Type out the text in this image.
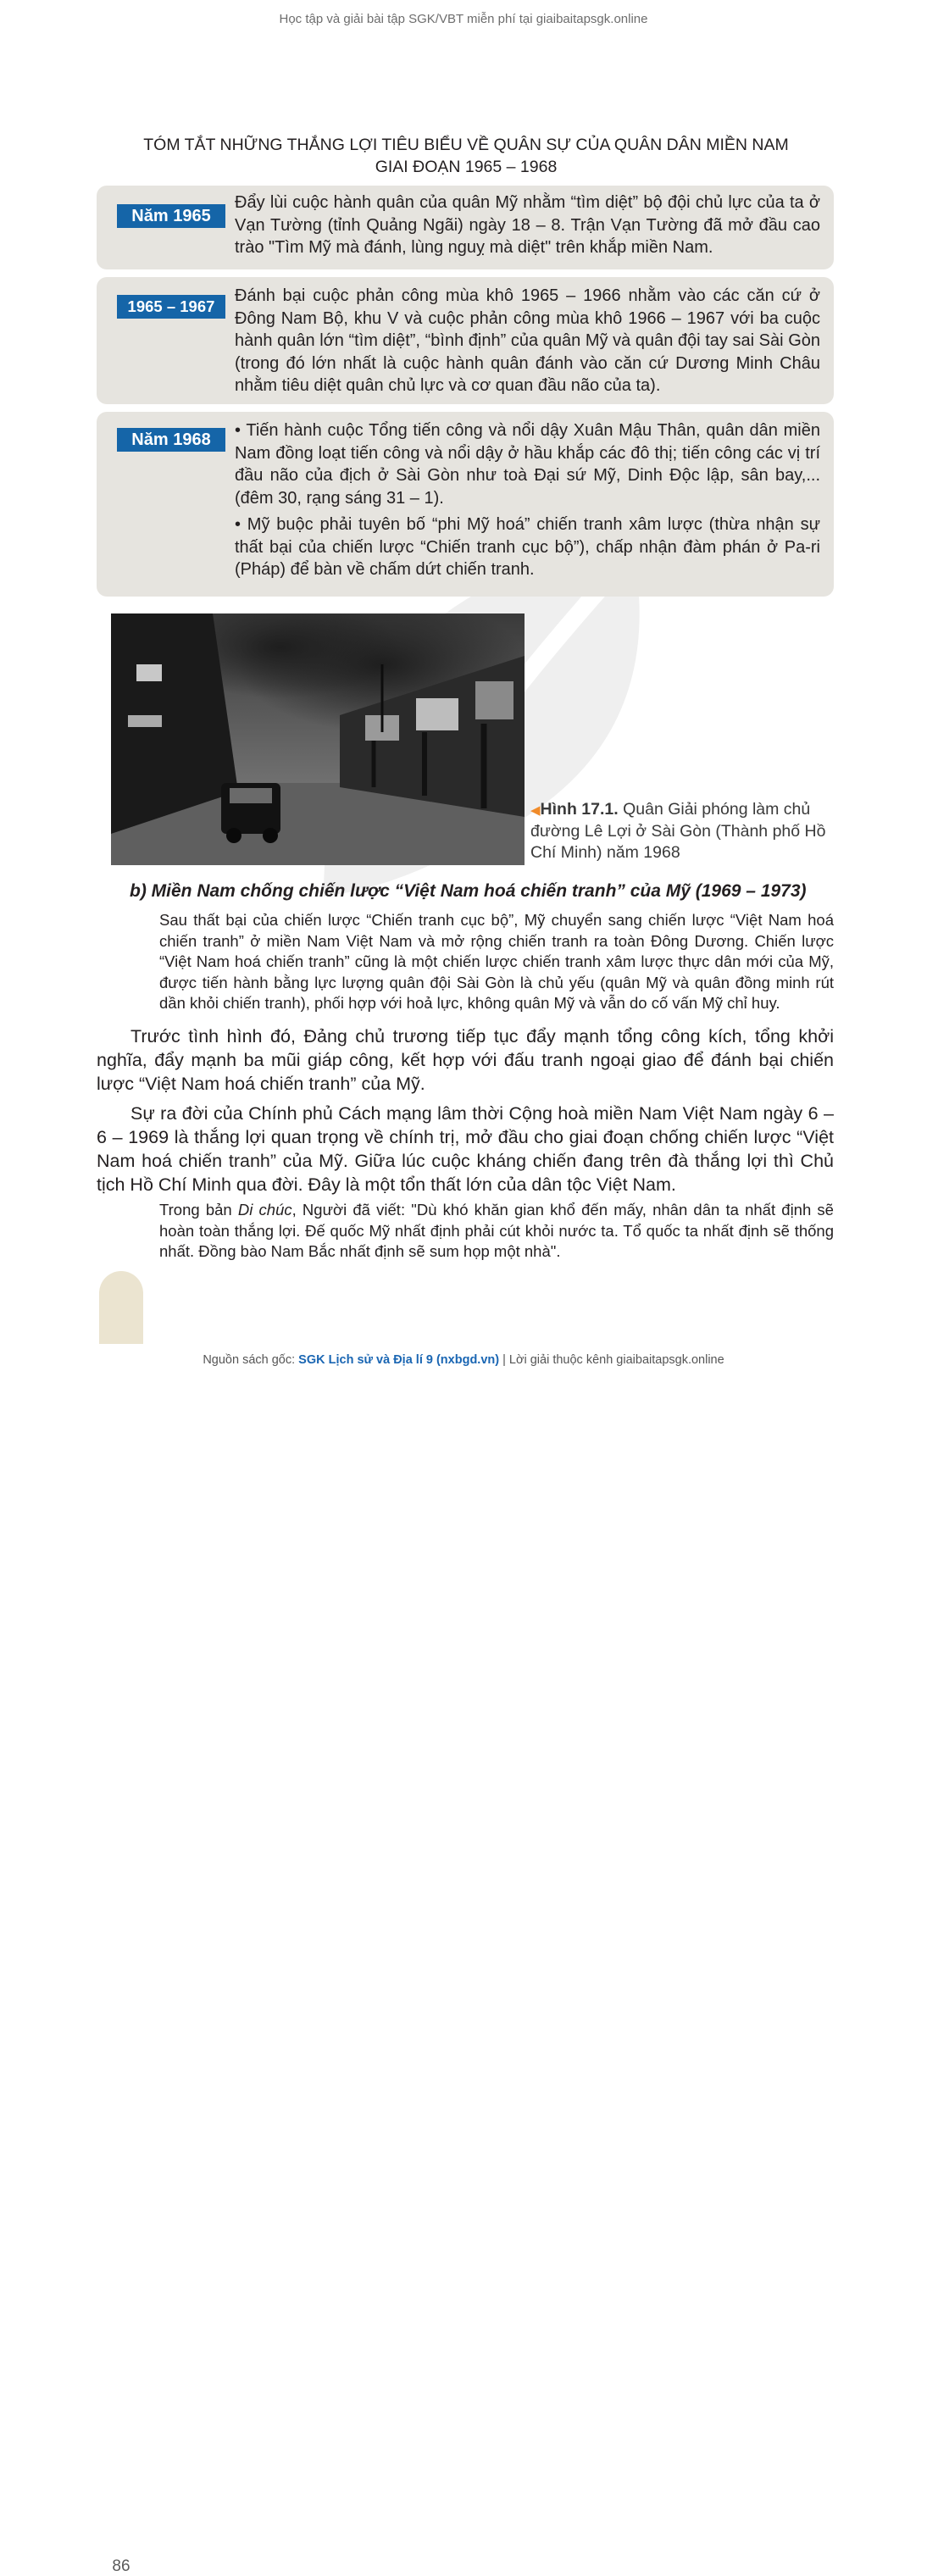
Học tập và giải bài tập SGK/VBT miễn phí tại giaibaitapsgk.online
TÓM TẮT NHỮNG THẮNG LỢI TIÊU BIỂU VỀ QUÂN SỰ CỦA QUÂN DÂN MIỀN NAM
GIAI ĐOẠN 1965 – 1968
Năm 1965

Đẩy lùi cuộc hành quân của quân Mỹ nhằm “tìm diệt” bộ đội chủ lực của ta ở Vạn Tường (tỉnh Quảng Ngãi) ngày 18 – 8. Trận Vạn Tường đã mở đầu cao trào "Tìm Mỹ mà đánh, lùng nguỵ mà diệt" trên khắp miền Nam.

1965 – 1967

Đánh bại cuộc phản công mùa khô 1965 – 1966 nhằm vào các căn cứ ở Đông Nam Bộ, khu V và cuộc phản công mùa khô 1966 – 1967 với ba cuộc hành quân lớn “tìm diệt”, “bình định” của quân Mỹ và quân đội tay sai Sài Gòn (trong đó lớn nhất là cuộc hành quân đánh vào căn cứ Dương Minh Châu nhằm tiêu diệt quân chủ lực và cơ quan đầu não của ta).

Năm 1968	• Tiến hành cuộc Tổng tiến công và nổi dậy Xuân Mậu Thân, quân dân miền Nam đồng loạt tiến công và nổi dậy ở hầu khắp các đô thị; tiến công các vị trí đầu não của địch ở Sài Gòn như toà Đại sứ Mỹ, Dinh Độc lập, sân bay,... (đêm 30, rạng sáng 31 – 1).

• Mỹ buộc phải tuyên bố “phi Mỹ hoá” chiến tranh xâm lược (thừa nhận sự thất bại của chiến lược “Chiến tranh cục bộ”), chấp nhận đàm phán ở Pa-ri (Pháp) để bàn về chấm dứt chiến tranh.

◀Hình 17.1. Quân Giải phóng làm chủ đường Lê Lợi ở Sài Gòn (Thành phố Hồ Chí Minh) năm 1968
b) Miền Nam chống chiến lược “Việt Nam hoá chiến tranh” của Mỹ (1969 – 1973)
Sau thất bại của chiến lược “Chiến tranh cục bộ”, Mỹ chuyển sang chiến lược “Việt Nam hoá chiến tranh” ở miền Nam Việt Nam và mở rộng chiến tranh ra toàn Đông Dương. Chiến lược “Việt Nam hoá chiến tranh” cũng là một chiến lược chiến tranh xâm lược thực dân mới của Mỹ, được tiến hành bằng lực lượng quân đội Sài Gòn là chủ yếu (quân Mỹ và quân đồng minh rút dần khỏi chiến tranh), phối hợp với hoả lực, không quân Mỹ và vẫn do cố vấn Mỹ chỉ huy.
Trước tình hình đó, Đảng chủ trương tiếp tục đẩy mạnh tổng công kích, tổng khởi nghĩa, đẩy mạnh ba mũi giáp công, kết hợp với đấu tranh ngoại giao để đánh bại chiến lược “Việt Nam hoá chiến tranh” của Mỹ.
Sự ra đời của Chính phủ Cách mạng lâm thời Cộng hoà miền Nam Việt Nam ngày 6 – 6 – 1969 là thắng lợi quan trọng về chính trị, mở đầu cho giai đoạn chống chiến lược “Việt Nam hoá chiến tranh” của Mỹ. Giữa lúc cuộc kháng chiến đang trên đà thắng lợi thì Chủ tịch Hồ Chí Minh qua đời. Đây là một tổn thất lớn của dân tộc Việt Nam.
Trong bản Di chúc, Người đã viết: "Dù khó khăn gian khổ đến mấy, nhân dân ta nhất định sẽ hoàn toàn thắng lợi. Đế quốc Mỹ nhất định phải cút khỏi nước ta. Tổ quốc ta nhất định sẽ thống nhất. Đồng bào Nam Bắc nhất định sẽ sum họp một nhà".
86
Nguồn sách gốc: SGK Lịch sử và Địa lí 9 (nxbgd.vn) | Lời giải thuộc kênh giaibaitapsgk.online
